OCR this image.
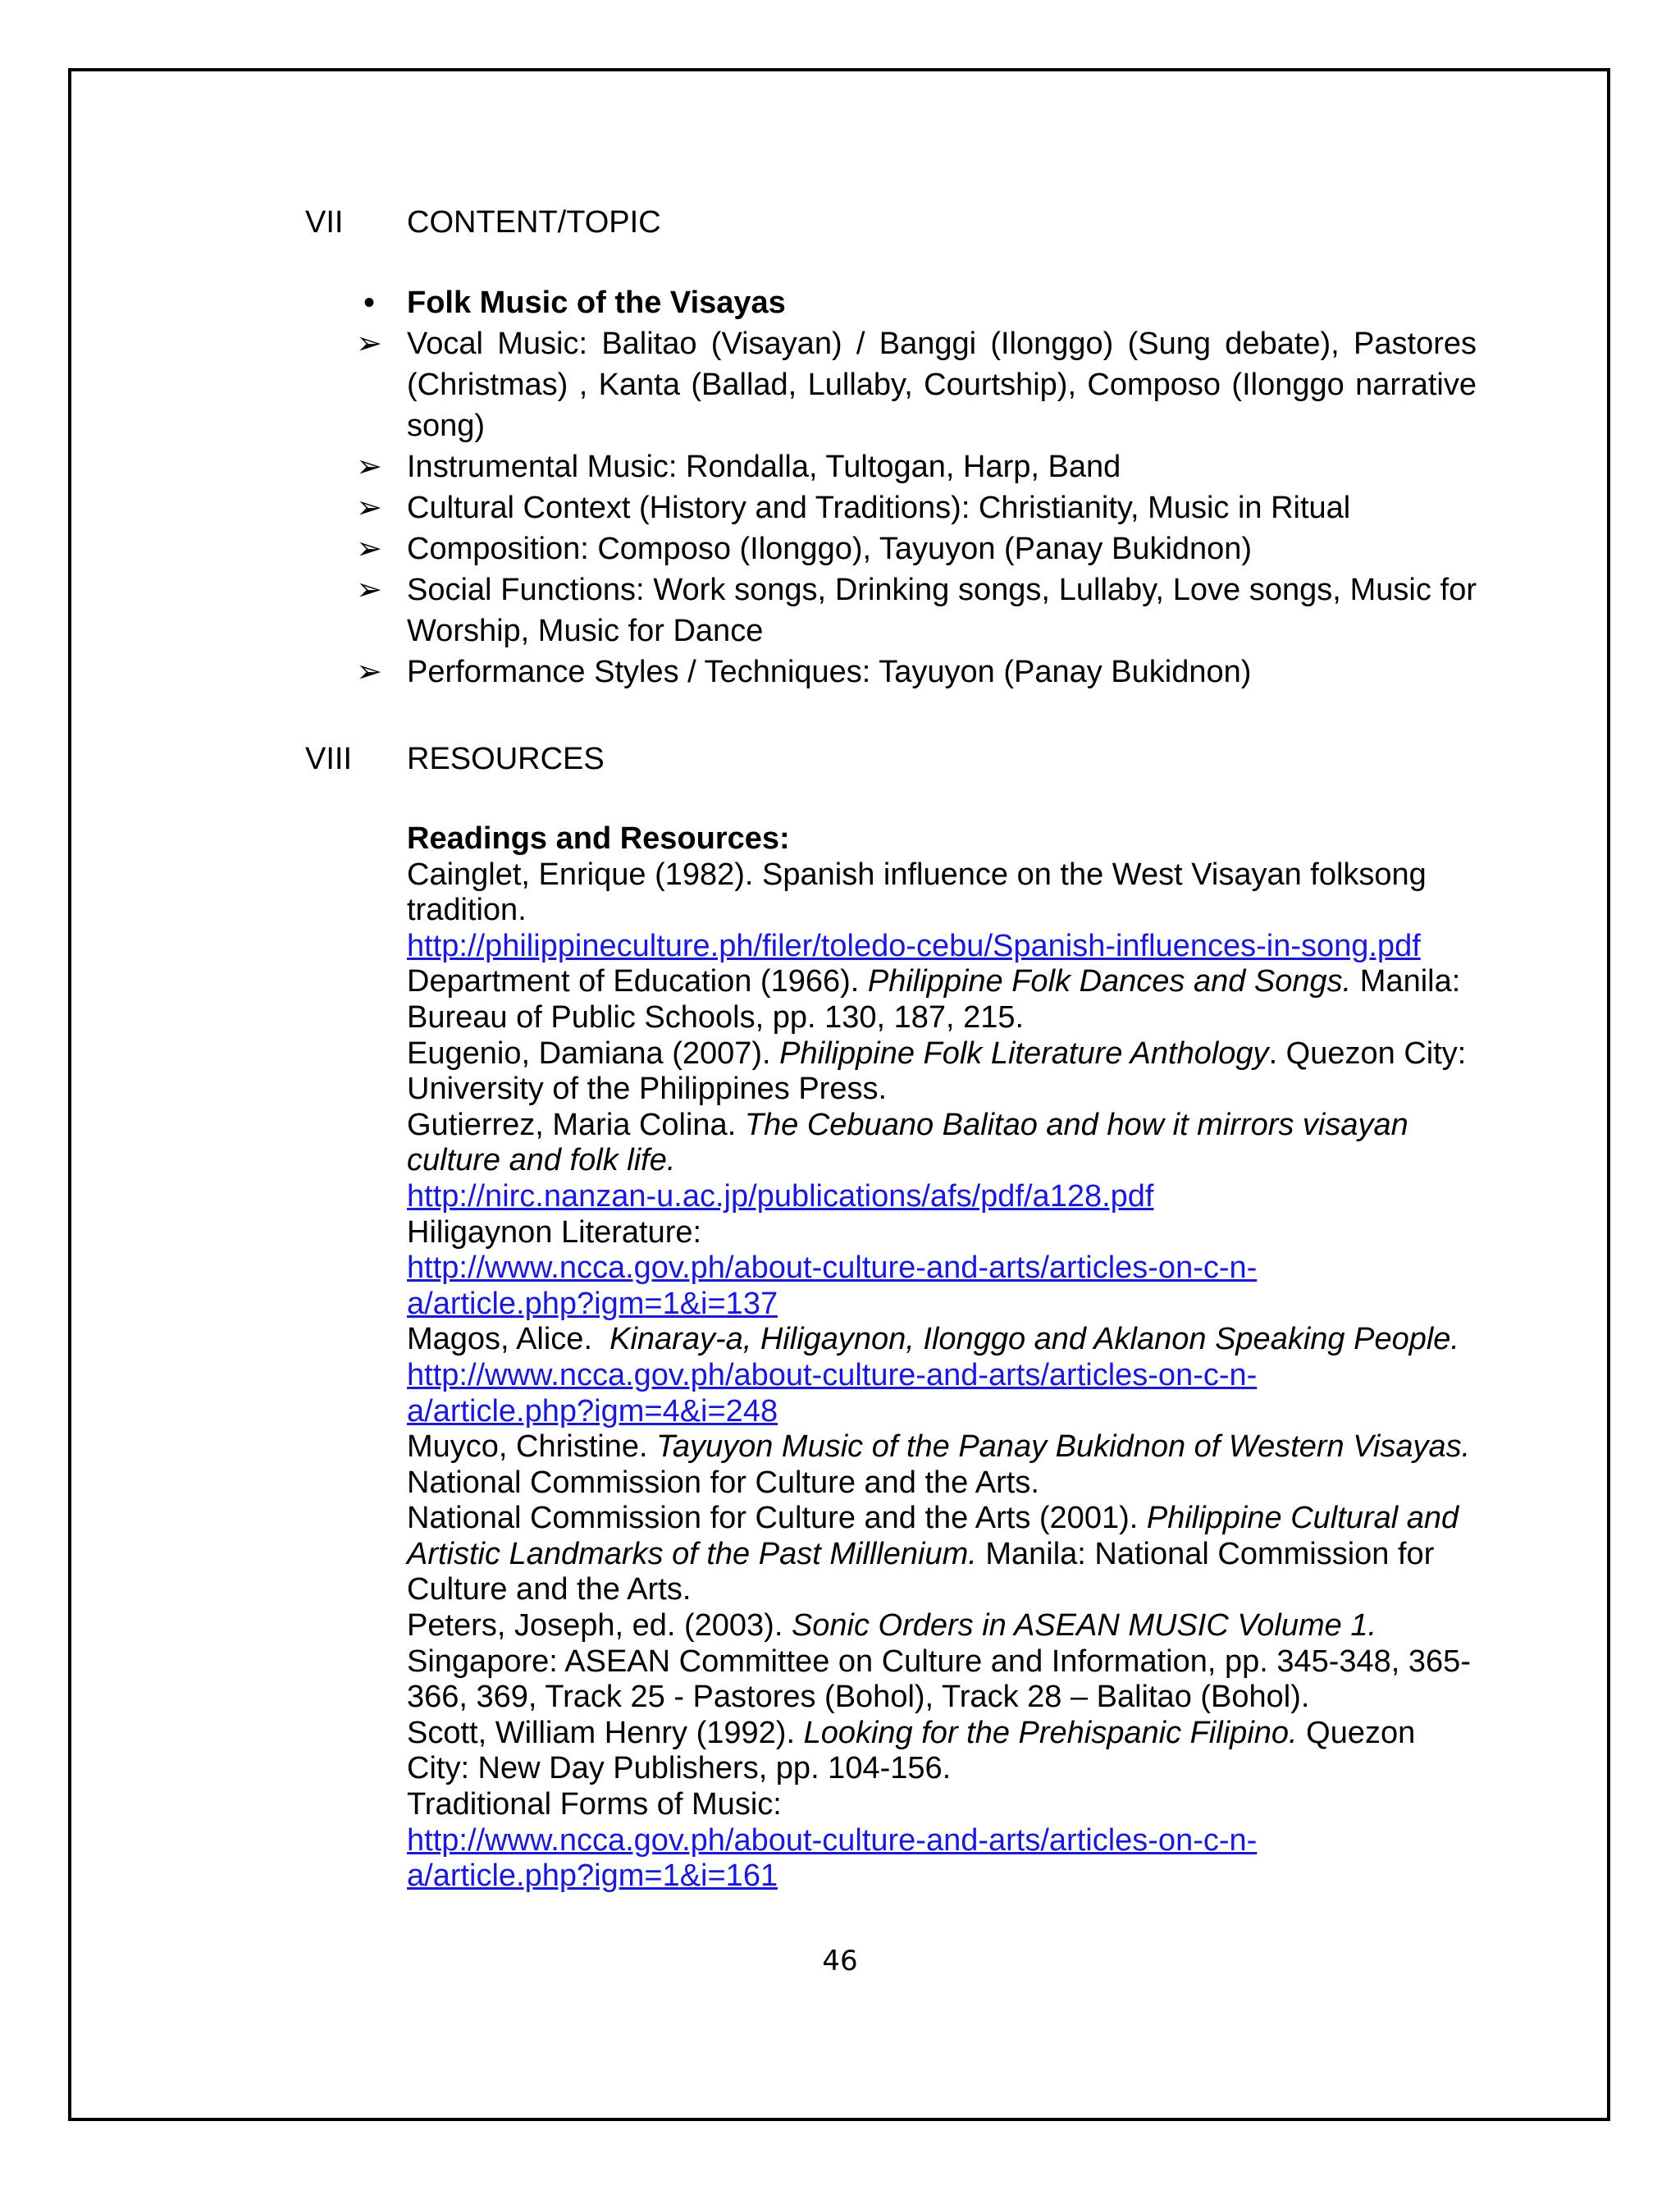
VII CONTENT/TOPIC
•	Folk Music of the Visayas
➢ Vocal Music: Balitao (Visayan) / Banggi (Ilonggo) (Sung debate), Pastores (Christmas) , Kanta (Ballad, Lullaby, Courtship), Composo (Ilonggo narrative song)
➢ Instrumental Music: Rondalla, Tultogan, Harp, Band
➢ Cultural Context (History and Traditions): Christianity, Music in Ritual
➢ Composition: Composo (Ilonggo), Tayuyon (Panay Bukidnon)
➢ Social Functions: Work songs, Drinking songs, Lullaby, Love songs, Music for Worship, Music for Dance
➢ Performance Styles / Techniques: Tayuyon (Panay Bukidnon)
VIII RESOURCES
Readings and Resources:
Cainglet, Enrique (1982). Spanish influence on the West Visayan folksong
tradition.
http://philippineculture.ph/filer/toledo-cebu/Spanish-influences-in-song.pdf
Department of Education (1966). Philippine Folk Dances and Songs. Manila:
Bureau of Public Schools, pp. 130, 187, 215.
Eugenio, Damiana (2007). Philippine Folk Literature Anthology. Quezon City:
University of the Philippines Press.
Gutierrez, Maria Colina. The Cebuano Balitao and how it mirrors visayan
culture and folk life.
http://nirc.nanzan-u.ac.jp/publications/afs/pdf/a128.pdf
Hiligaynon Literature:
http://www.ncca.gov.ph/about-culture-and-arts/articles-on-c-n-
a/article.php?igm=1&i=137
Magos, Alice.  Kinaray-a, Hiligaynon, Ilonggo and Aklanon Speaking People.
http://www.ncca.gov.ph/about-culture-and-arts/articles-on-c-n-
a/article.php?igm=4&i=248
Muyco, Christine. Tayuyon Music of the Panay Bukidnon of Western Visayas.
National Commission for Culture and the Arts.
National Commission for Culture and the Arts (2001). Philippine Cultural and
Artistic Landmarks of the Past Milllenium. Manila: National Commission for
Culture and the Arts.
Peters, Joseph, ed. (2003). Sonic Orders in ASEAN MUSIC Volume 1.
Singapore: ASEAN Committee on Culture and Information, pp. 345-348, 365-
366, 369, Track 25 - Pastores (Bohol), Track 28 – Balitao (Bohol).
Scott, William Henry (1992). Looking for the Prehispanic Filipino. Quezon
City: New Day Publishers, pp. 104-156.
Traditional Forms of Music:
http://www.ncca.gov.ph/about-culture-and-arts/articles-on-c-n-
a/article.php?igm=1&i=161
46
